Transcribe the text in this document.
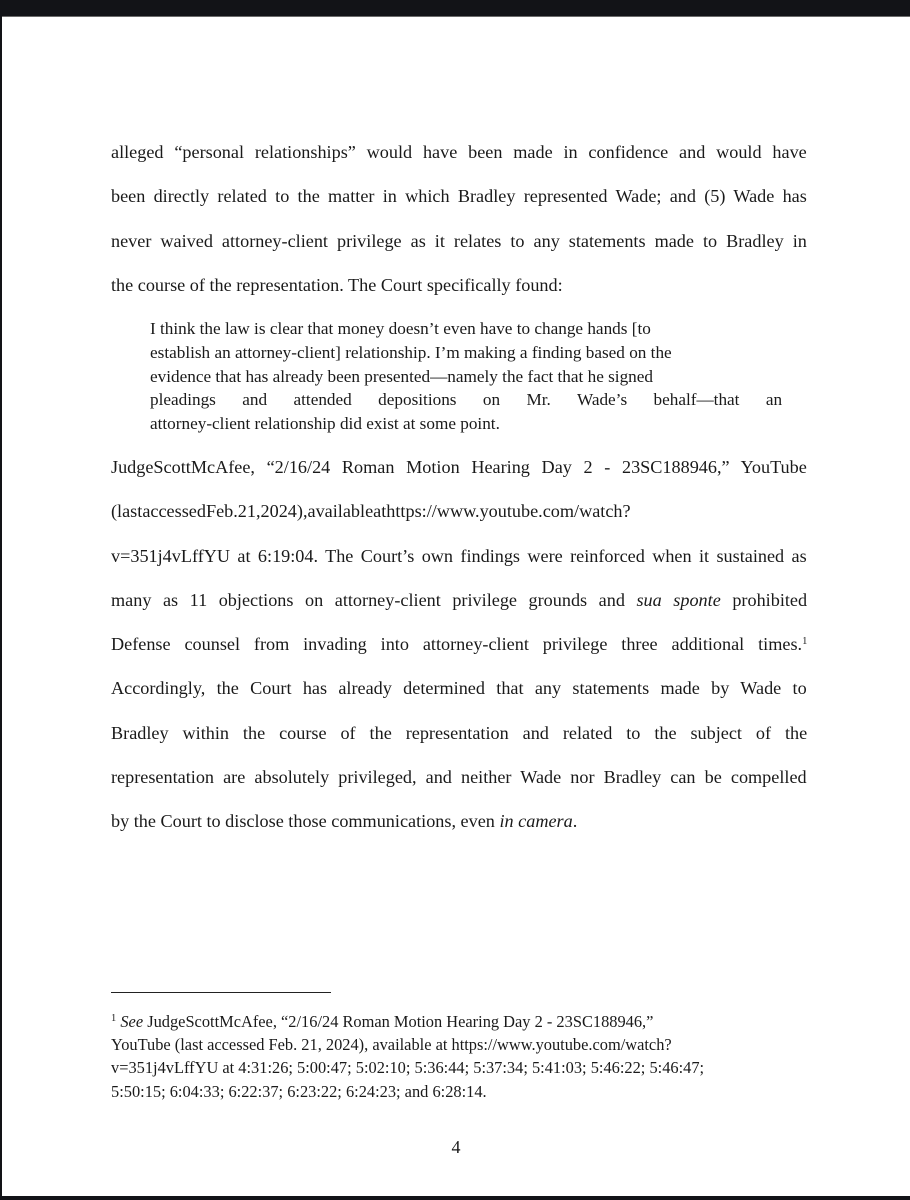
alleged “personal relationships” would have been made in confidence and would have
been directly related to the matter in which Bradley represented Wade; and (5) Wade has
never waived attorney-client privilege as it relates to any statements made to Bradley in
the course of the representation. The Court specifically found:
I think the law is clear that money doesn’t even have to change hands [to
establish an attorney-client] relationship. I’m making a finding based on the
evidence that has already been presented—namely the fact that he signed
pleadings and attended depositions on Mr. Wade’s behalf—that an
attorney-client relationship did exist at some point.
JudgeScottMcAfee, “2/16/24 Roman Motion Hearing Day 2 - 23SC188946,” YouTube
(lastaccessedFeb.21,2024),availableathttps://www.youtube.com/watch?
v=351j4vLffYU at 6:19:04. The Court’s own findings were reinforced when it sustained as
many as 11 objections on attorney-client privilege grounds and sua sponte prohibited
Defense counsel from invading into attorney-client privilege three additional times.$^1$
Accordingly, the Court has already determined that any statements made by Wade to
Bradley within the course of the representation and related to the subject of the
representation are absolutely privileged, and neither Wade nor Bradley can be compelled
by the Court to disclose those communications, even in camera.
$^1$ See JudgeScottMcAfee, “2/16/24 Roman Motion Hearing Day 2 - 23SC188946,”
YouTube (last accessed Feb. 21, 2024), available at https://www.youtube.com/watch?
v=351j4vLffYU at 4:31:26; 5:00:47; 5:02:10; 5:36:44; 5:37:34; 5:41:03; 5:46:22; 5:46:47;
5:50:15; 6:04:33; 6:22:37; 6:23:22; 6:24:23; and 6:28:14.
4
